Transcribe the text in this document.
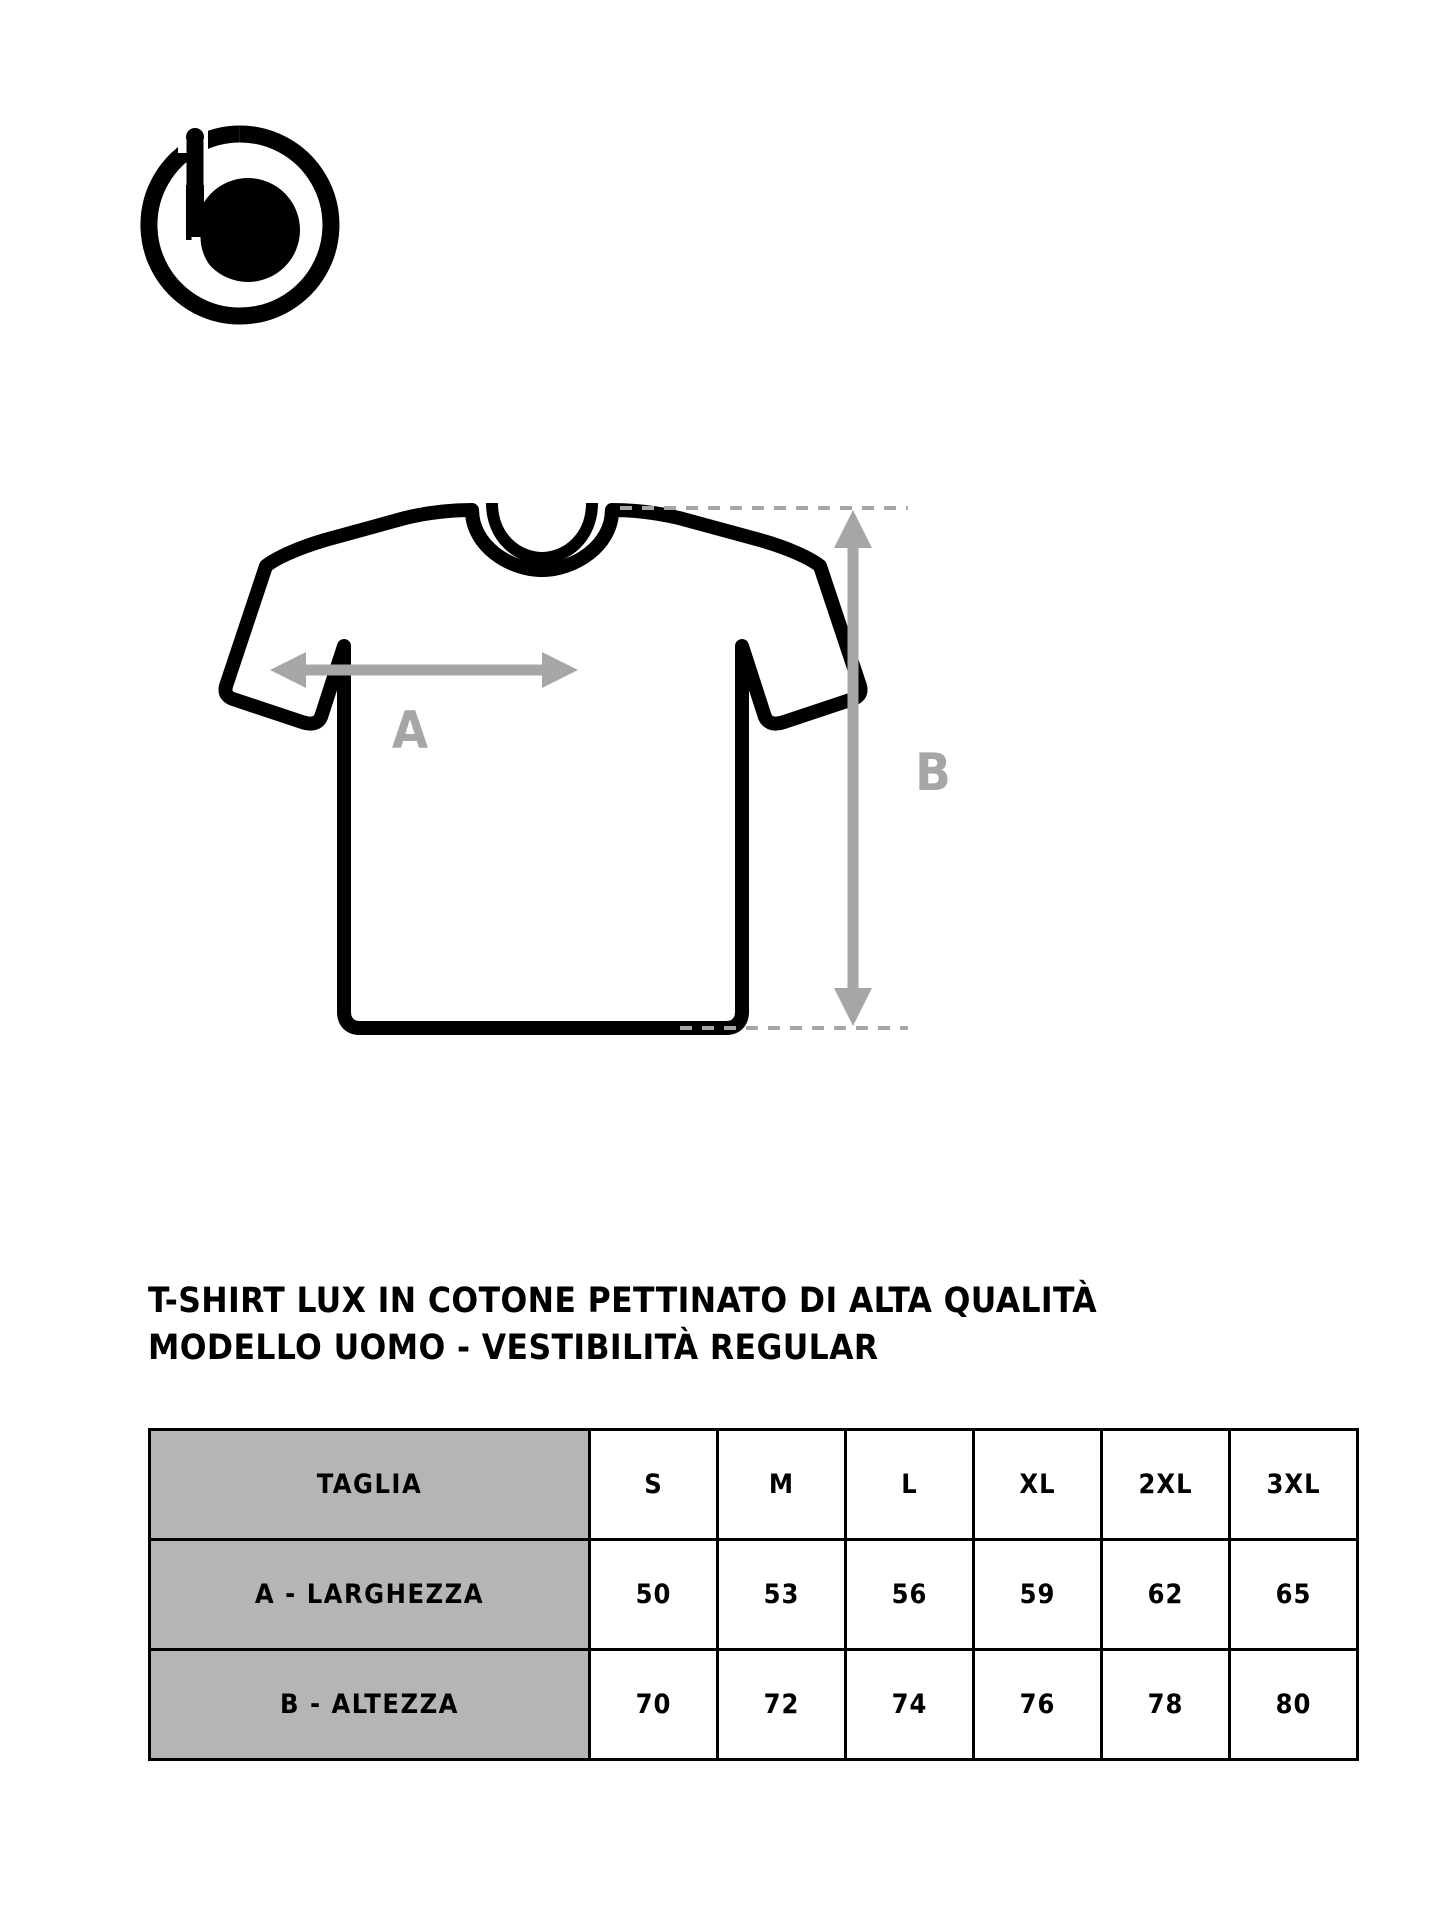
A
B
T-SHIRT LUX IN COTONE PETTINATO DI ALTA QUALITÀ
MODELLO UOMO - VESTIBILITÀ REGULAR
TAGLIA	S	M	L	XL	2XL	3XL
A - LARGHEZZA	50	53	56	59	62	65
B - ALTEZZA	70	72	74	76	78	80
